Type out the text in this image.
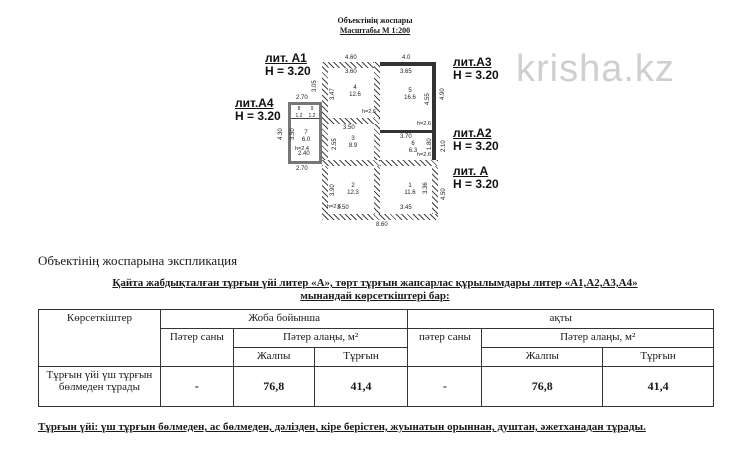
Объектінің жоспары
Масштабы М 1:200
krisha.kz
лит. А1
H = 3.20
лит.А3
H = 3.20
лит.А4
H = 3.20
лит.А2
H = 3.20
лит. А
H = 3.20
4.60
3.60
4.0
3.65
2.70
2.70
2.40
3.50
3.70
3.50	3.45
8.60
3.05
3.47	4.90
4.55
4.30 3.50
2.55	2.10
1.80
3.90	3.36
4.50
1
11.6
2
12.3
h=2.6
3
8.9
4
12.6
h=2.6
5
16.6
h=2.6
6
6.3
h=2.6
7
6.0
h=2.4
8
1.2
9
1.2
Объектінің жоспарына экспликация
Қайта жабдықталған тұрғын үйі литер «А», төрт тұрғын жапсарлас құрылымдары литер «А1,А2,А3,А4»
мынандай көрсеткіштері бар:
Көрсеткіштер	Жоба бойынша			ақты		
	Пәтер саны	Пәтер алаңы, м²		пәтер саны	Пәтер алаңы, м²	
		Жалпы	Тұрғын		Жалпы	Тұрғын
Тұрғын үйі үш тұрғын бөлмеден тұрады	-	76,8	41,4	-	76,8	41,4
Тұрғын үйі: үш тұрғын бөлмеден, ас бөлмеден, дәлізден, кіре берістен, жуынатын орыннан, душтан, әжетханадан тұрады.
